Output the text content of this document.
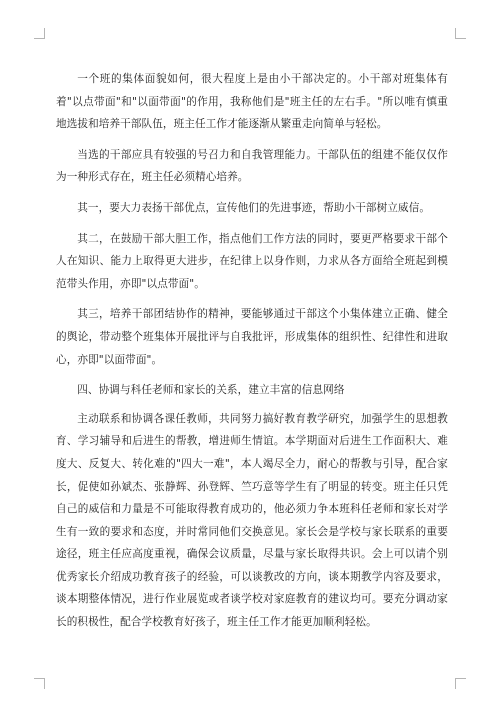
一个班的集体面貌如何，很大程度上是由小干部决定的。小干部对班集体有着"以点带面"和"以面带面"的作用，我称他们是"班主任的左右手。"所以唯有慎重地选拔和培养干部队伍，班主任工作才能逐渐从繁重走向简单与轻松。

当选的干部应具有较强的号召力和自我管理能力。干部队伍的组建不能仅仅作为一种形式存在，班主任必须精心培养。

其一，要大力表扬干部优点，宣传他们的先进事迹，帮助小干部树立威信。

其二，在鼓励干部大胆工作，指点他们工作方法的同时，要更严格要求干部个人在知识、能力上取得更大进步，在纪律上以身作则，力求从各方面给全班起到模范带头作用，亦即"以点带面"。

其三，培养干部团结协作的精神，要能够通过干部这个小集体建立正确、健全的舆论，带动整个班集体开展批评与自我批评，形成集体的组织性、纪律性和进取心，亦即"以面带面"。

四、协调与科任老师和家长的关系，建立丰富的信息网络

主动联系和协调各课任教师，共同努力搞好教育教学研究，加强学生的思想教育、学习辅导和后进生的帮教，增进师生情谊。本学期面对后进生工作面积大、难度大、反复大、转化难的"四大一难"，本人竭尽全力，耐心的帮教与引导，配合家长，促使如孙斌杰、张静辉、孙登辉、竺巧意等学生有了明显的转变。班主任只凭自己的威信和力量是不可能取得教育成功的，他必须力争本班科任老师和家长对学生有一致的要求和态度，并时常同他们交换意见。家长会是学校与家长联系的重要途径，班主任应高度重视，确保会议质量，尽量与家长取得共识。会上可以请个别优秀家长介绍成功教育孩子的经验，可以谈教改的方向，谈本期教学内容及要求，谈本期整体情况，进行作业展览或者谈学校对家庭教育的建议均可。要充分调动家长的积极性，配合学校教育好孩子，班主任工作才能更加顺利轻松。
